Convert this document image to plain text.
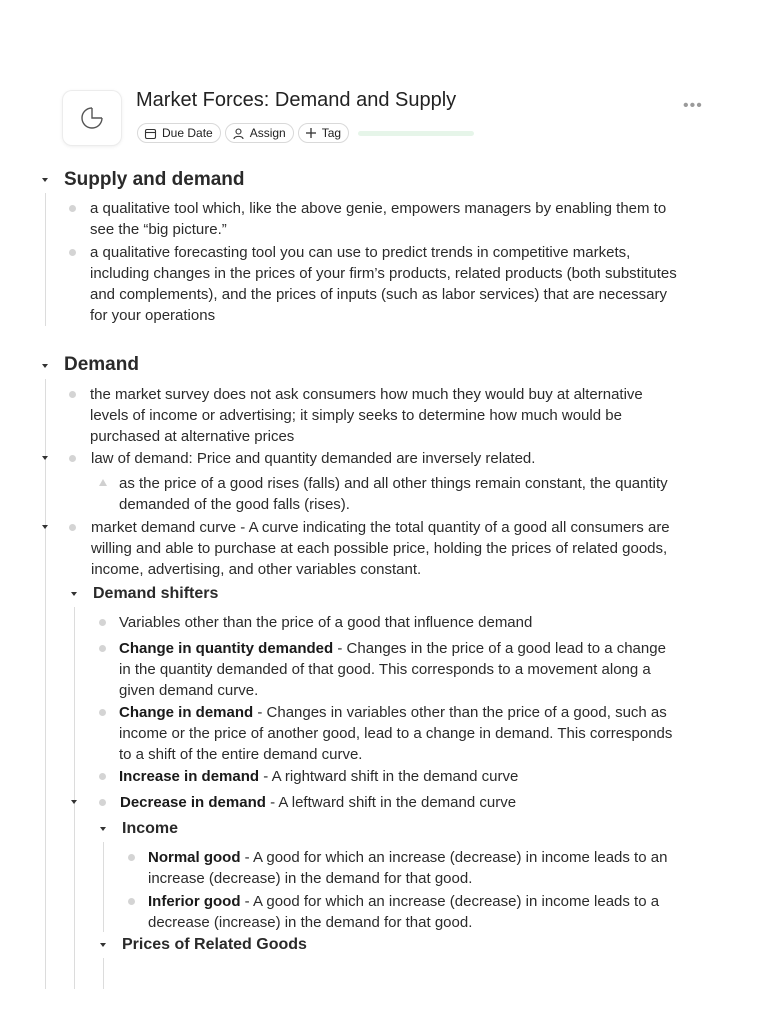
Market Forces: Demand and Supply	•••
Due Date	Assign	Tag
Supply and demand
a qualitative tool which, like the above genie, empowers managers by enabling them to see the “big picture.”
a qualitative forecasting tool you can use to predict trends in competitive markets, including changes in the prices of your firm’s products, related products (both substitutes and complements), and the prices of inputs (such as labor services) that are necessary for your operations
Demand
the market survey does not ask consumers how much they would buy at alternative levels of income or advertising; it simply seeks to determine how much would be purchased at alternative prices
law of demand: Price and quantity demanded are inversely related.
as the price of a good rises (falls) and all other things remain constant, the quantity demanded of the good falls (rises).
market demand curve - A curve indicating the total quantity of a good all consumers are willing and able to purchase at each possible price, holding the prices of related goods, income, advertising, and other variables constant.
Demand shifters
Variables other than the price of a good that influence demand
Change in quantity demanded - Changes in the price of a good lead to a change in the quantity demanded of that good. This corresponds to a movement along a given demand curve.
Change in demand - Changes in variables other than the price of a good, such as income or the price of another good, lead to a change in demand. This corresponds to a shift of the entire demand curve.
Increase in demand - A rightward shift in the demand curve
Decrease in demand - A leftward shift in the demand curve
Income
Normal good - A good for which an increase (decrease) in income leads to an increase (decrease) in the demand for that good.
Inferior good - A good for which an increase (decrease) in income leads to a decrease (increase) in the demand for that good.
Prices of Related Goods
